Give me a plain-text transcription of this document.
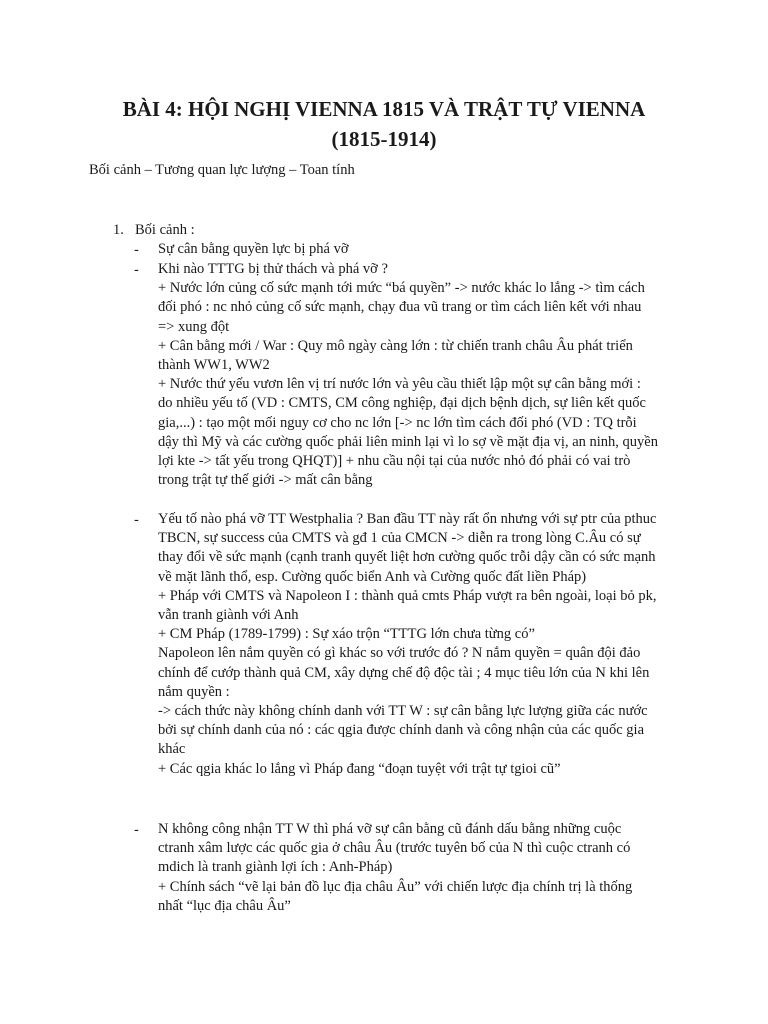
BÀI 4: HỘI NGHỊ VIENNA 1815 VÀ TRẬT TỰ VIENNA
(1815-1914)

Bối cảnh – Tương quan lực lượng – Toan tính

1. Bối cảnh :
- Sự cân bằng quyền lực bị phá vỡ
- Khi nào TTTG bị thử thách và phá vỡ ?
+ Nước lớn củng cố sức mạnh tới mức “bá quyền” -> nước khác lo lắng -> tìm cách
đối phó : nc nhỏ củng cố sức mạnh, chạy đua vũ trang or tìm cách liên kết với nhau
=> xung đột
+ Cân bằng mới / War : Quy mô ngày càng lớn : từ chiến tranh châu Âu phát triển
thành WW1, WW2
+ Nước thứ yếu vươn lên vị trí nước lớn và yêu cầu thiết lập một sự cân bằng mới :
do nhiều yếu tố (VD : CMTS, CM công nghiệp, đại dịch bệnh dịch, sự liên kết quốc
gia,...) : tạo một mối nguy cơ cho nc lớn [-> nc lớn tìm cách đối phó (VD : TQ trỗi
dậy thì Mỹ và các cường quốc phải liên minh lại vì lo sợ về mặt địa vị, an ninh, quyền
lợi kte -> tất yếu trong QHQT)] + nhu cầu nội tại của nước nhỏ đó phải có vai trò
trong trật tự thế giới -> mất cân bằng
- Yếu tố nào phá vỡ TT Westphalia ? Ban đầu TT này rất ổn nhưng với sự ptr của pthuc
TBCN, sự success của CMTS và gđ 1 của CMCN -> diễn ra trong lòng C.Âu có sự
thay đổi về sức mạnh (cạnh tranh quyết liệt hơn cường quốc trỗi dậy cần có sức mạnh
về mặt lãnh thổ, esp. Cường quốc biển Anh và Cường quốc đất liền Pháp)
+ Pháp với CMTS và Napoleon I : thành quả cmts Pháp vượt ra bên ngoài, loại bỏ pk,
vẫn tranh giành với Anh
+ CM Pháp (1789-1799) : Sự xáo trộn “TTTG lớn chưa từng có”
Napoleon lên nắm quyền có gì khác so với trước đó ? N nắm quyền = quân đội đảo
chính để cướp thành quả CM, xây dựng chế độ độc tài ; 4 mục tiêu lớn của N khi lên
nắm quyền :
-> cách thức này không chính danh với TT W : sự cân bằng lực lượng giữa các nước
bởi sự chính danh của nó : các qgia được chính danh và công nhận của các quốc gia
khác
+ Các qgia khác lo lắng vì Pháp đang “đoạn tuyệt với trật tự tgioi cũ”
- N không công nhận TT W thì phá vỡ sự cân bằng cũ đánh dấu bằng những cuộc
ctranh xâm lược các quốc gia ở châu Âu (trước tuyên bố của N thì cuộc ctranh có
mdich là tranh giành lợi ích : Anh-Pháp)
+ Chính sách “vẽ lại bản đồ lục địa châu Âu” với chiến lược địa chính trị là thống
nhất “lục địa châu Âu”
